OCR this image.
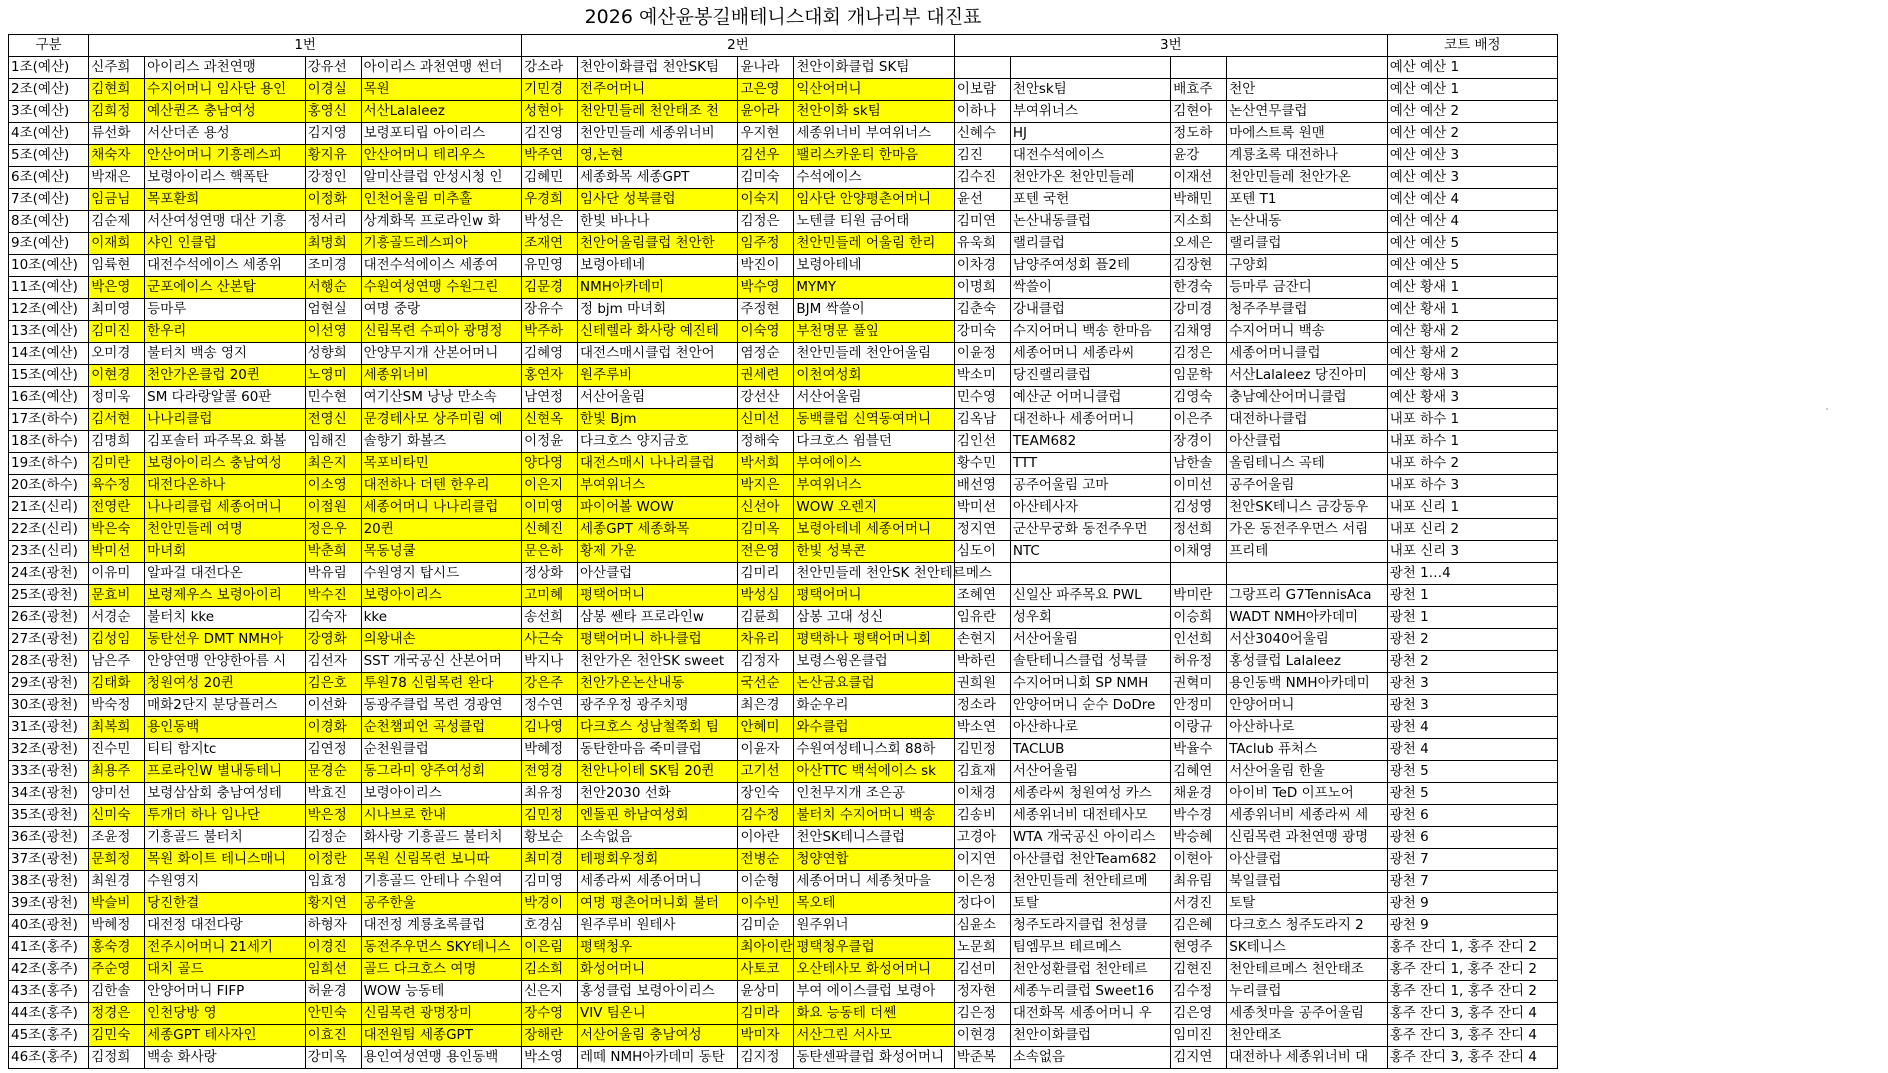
2026 예산윤봉길배테니스대회 개나리부 대진표
구분	1번				2번				3번				코트 배정
1조(예산)	신주희	아이리스 과천연맹	강유선	아이리스 과천연맹 썬더	강소라	천안이화클럽 천안SK팀	윤나라	천안이화클럽 SK팀					예산 예산 1
2조(예산)	김현희	수지어머니 임사단 용인	이경실	목원	기민경	전주어머니	고은영	익산어머니	이보람	천안sk팀	배효주	천안	예산 예산 1
3조(예산)	김희정	예산퀸즈 충남여성	홍영신	서산Lalaleez	성현아	천안민들레 천안태조 천	윤아라	천안이화 sk팀	이하나	부여위너스	김현아	논산연무클럽	예산 예산 2
4조(예산)	류선화	서산더존 용성	김지영	보령포티립 아이리스	김진영	천안민들레 세종위너비	우지현	세종위너비 부여위너스	신혜수	HJ	정도하	마에스트록 원맨	예산 예산 2
5조(예산)	채숙자	안산어머니 기흥레스피	황지유	안산어머니 테리우스	박주연	영,논현	김선우	팰리스카운티 한마음	김진	대전수석에이스	윤강	계룡초록 대전하나	예산 예산 3
6조(예산)	박재은	보령아이리스 핵폭탄	강정인	알미산클럽 안성시청 인	김혜민	세종화목 세종GPT	김미숙	수석에이스	김수진	천안가온 천안민들레	이재선	천안민들레 천안가온	예산 예산 3
7조(예산)	임금님	목포환희	이정화	인천어울림 미추홀	우경희	임사단 성북클럽	이숙지	임사단 안양평촌어머니	윤선	포텐 국헌	박해민	포텐 T1	예산 예산 4
8조(예산)	김순제	서산여성연맹 대산 기흥	정서리	상계화목 프로라인w 화	박성은	한빛 바나나	김정은	노텐클 티원 금어태	김미연	논산내동클럽	지소희	논산내동	예산 예산 4
9조(예산)	이재희	샤인 인클럽	최명희	기흥골드레스피아	조재연	천안어울림클럽 천안한	임주정	천안민들레 어울림 한리	유욱희	랠리클럽	오세은	랠리클럽	예산 예산 5
10조(예산)	임륙현	대전수석에이스 세종위	조미경	대전수석에이스 세종여	유민영	보령아테네	박진이	보령아테네	이차경	남양주여성회 플2테	김장현	구양회	예산 예산 5
11조(예산)	박은영	군포에이스 산본탑	서행순	수원여성연맹 수원그린	김문경	NMH아카데미	박수영	MYMY	이명희	싹쓸이	한경숙	등마루 금잔디	예산 황새 1
12조(예산)	최미영	등마루	엄현실	여명 중랑	장유수	정 bjm 마녀회	주정현	BJM 싹쓸이	김춘숙	강내클럽	강미경	청주주부클럽	예산 황새 1
13조(예산)	김미진	한우리	이선영	신림목련 수피아 광명정	박주하	신테렐라 화사랑 예진테	이숙영	부천명문 풀잎	강미숙	수지어머니 백송 한마음	김채영	수지어머니 백송	예산 황새 2
14조(예산)	오미경	불터치 백송 영지	성향희	안양무지개 산본어머니	김혜영	대전스매시클럽 천안어	염정순	천안민들레 천안어울림	이윤정	세종어머니 세종라씨	김정은	세종어머니클럽	예산 황새 2
15조(예산)	이현경	천안가온클럽 20퀸	노영미	세종위너비	홍연자	원주루비	권세련	이천여성회	박소미	당진랠리클럽	임문학	서산Lalaleez 당진아미	예산 황새 3
16조(예산)	정미욱	SM 다라랑알콜 60판	민수현	여기산SM 낭낭 만소속	남연정	서산어울림	강선산	서산어울림	민수영	예산군 어머니클럽	김영숙	충남예산어머니클럽	예산 황새 3
17조(하수)	김서현	나나리클럽	전영신	문경테사모 상주미림 예	신현옥	한빛 Bjm	신미선	동백클럽 신역동여머니	김옥남	대전하나 세종어머니	이은주	대전하나클럽	내포 하수 1
18조(하수)	김명희	김포솔터 파주목요 화볼	임해진	솔향기 화볼즈	이정윤	다크호스 양지금호	정해숙	다크호스 윔블던	김인선	TEAM682	장경이	아산클럽	내포 하수 1
19조(하수)	김미란	보령아이리스 충남여성	최은지	목포비타민	양다영	대전스매시 나나리클럽	박서희	부여에이스	황수민	TTT	남한솔	올림테니스 곡테	내포 하수 2
20조(하수)	육수정	대전다온하나	이소영	대전하나 더텐 한우리	이은지	부여위너스	박지은	부여위너스	배선영	공주어울림 고마	이미선	공주어울림	내포 하수 3
21조(신리)	전영란	나나리클럽 세종어머니	이점원	세종어머니 나나리클럽	이미영	파이어볼 WOW	신선아	WOW 오렌지	박미선	아산테사자	김성영	천안SK테니스 금강동우	내포 신리 1
22조(신리)	박은숙	천안민들레 여명	정은우	20퀸	신혜진	세종GPT 세종화목	김미옥	보령아테네 세종어머니	정지연	군산무궁화 동전주우먼	정선희	가온 동전주우먼스 서림	내포 신리 2
23조(신리)	박미선	마녀회	박춘희	목동넝쿨	문은하	황제 가운	전은영	한빛 성북콘	심도이	NTC	이채영	프리테	내포 신리 3
24조(광천)	이유미	알파걸 대전다온	박유림	수원영지 탑시드	정상화	아산클럽	김미리	천안민들레 천안SK 천안테르메스					광천 1…4
25조(광천)	문효비	보령제우스 보령아이리	박수진	보령아이리스	고미혜	평택어머니	박성심	평택어머니	조혜연	신일산 파주목요 PWL	박미란	그랑프리 G7TennisAca	광천 1
26조(광천)	서경순	불터치 kke	김숙자	kke	송선희	삼봉 쎈타 프로라인w	김륜희	삼봉 고대 성신	임유란	성우회	이승희	WADT NMH아카데미	광천 1
27조(광천)	김성임	동탄선우 DMT NMH아	강영화	의왕내손	사근숙	평택어머니 하나클럽	차유리	평택하나 평택어머니회	손현지	서산어울림	인선희	서산3040어울림	광천 2
28조(광천)	남은주	안양연맹 안양한아름 시	김선자	SST 개국공신 산본어머	박지나	천안가온 천안SK sweet	김정자	보령스윙온클럽	박하린	솔탄테니스클럽 성북클	허유정	홍성클럽 Lalaleez	광천 2
29조(광천)	김태화	청원여성 20퀸	김은호	투원78 신림목련 완다	강은주	천안가온논산내동	국선순	논산금요클럽	권희원	수지어머니회 SP NMH	권혁미	용인동백 NMH아카데미	광천 3
30조(광천)	박숙정	매화2단지 분당플러스	이선화	동광주클럽 목련 경광연	정수연	광주우정 광주치평	최은경	화순우리	정소라	안양어머니 순수 DoDre	안정미	안양어머니	광천 3
31조(광천)	최복희	용인동백	이경화	순천챔피언 곡성클럽	김나영	다크호스 성남철쭉회 팀	안혜미	와수클럽	박소연	아산하나로	이랑규	아산하나로	광천 4
32조(광천)	진수민	티티 함지tc	김연정	순천원클럽	박혜정	동탄한마음 죽미클럽	이윤자	수원여성테니스회 88하	김민정	TACLUB	박율수	TAclub 퓨처스	광천 4
33조(광천)	최용주	프로라인W 별내동테니	문경순	동그라미 양주여성회	전영경	천안나이테 SK팀 20퀸	고기선	아산TTC 백석에이스 sk	김효재	서산어울림	김혜연	서산어울림 한울	광천 5
34조(광천)	양미선	보령삼삼회 충남여성테	박효진	보령아이리스	최유정	천안2030 선화	장인숙	인천무지개 조은공	이채경	세종라씨 청원여성 카스	채윤경	아이비 TeD 이프노어	광천 5
35조(광천)	신미숙	투개더 하나 임나단	박은정	시나브로 한내	김민정	엔돌핀 하남여성회	김수정	불터치 수지어머니 백송	김송비	세종위너비 대전테사모	박수경	세종위너비 세종라씨 세	광천 6
36조(광천)	조윤정	기흥골드 불터치	김정순	화사랑 기흥골드 불터치	황보순	소속없음	이아란	천안SK테니스클럽	고경아	WTA 개국공신 아이리스	박승혜	신림목련 과천연맹 광명	광천 6
37조(광천)	문희정	목원 화이트 테니스매니	이정란	목원 신림목련 보니따	최미경	테평회우정회	전병순	청양연합	이지연	아산클럽 천안Team682	이현아	아산클럽	광천 7
38조(광천)	최원경	수원영지	임효정	기흥골드 안테나 수원여	김미영	세종라씨 세종어머니	이순형	세종어머니 세종첫마을	이은정	천안민들레 천안테르메	최유림	북일클럽	광천 7
39조(광천)	박슬비	당진한결	황지연	공주한울	박경이	여명 평촌어머니회 불터	이수빈	목오테	정다이	토탈	서경진	토탈	광천 9
40조(광천)	박혜정	대전정 대전다랑	하형자	대전정 계룡초록클럽	호경심	원주루비 원테사	김미순	원주위너	심윤소	청주도라지클럽 천성클	김은혜	다크호스 청주도라지 2	광천 9
41조(홍주)	홍숙경	전주시어머니 21세기	이경진	동전주우먼스 SKY테니스	이은림	평택청우	최아이란	평택청우클럽	노문희	팀엠무브 테르메스	현영주	SK테니스	홍주 잔디 1, 홍주 잔디 2
42조(홍주)	주순영	대치 골드	임희선	골드 다크호스 여명	김소희	화성어머니	사토코	오산테사모 화성어머니	김선미	천안성환클럽 천안테르	김현진	천안테르메스 천안태조	홍주 잔디 1, 홍주 잔디 2
43조(홍주)	김한솔	안양어머니 FIFP	허윤경	WOW 능동테	신은지	홍성클럽 보령아이리스	윤상미	부여 에이스클럽 보령아	정자현	세종누리클럽 Sweet16	김수정	누리클럽	홍주 잔디 1, 홍주 잔디 2
44조(홍주)	정경은	인천당방 영	안민숙	신림목련 광명장미	장수영	VIV 팀온니	김미라	화요 능동테 더쎈	김은정	대전화목 세종어머니 우	김은영	세종첫마을 공주어울림	홍주 잔디 3, 홍주 잔디 4
45조(홍주)	김민숙	세종GPT 테사자인	이효진	대전원팀 세종GPT	장해란	서산어울림 충남여성	박미자	서산그린 서사모	이현경	천안이화클럽	임미진	천안태조	홍주 잔디 3, 홍주 잔디 4
46조(홍주)	김정희	백송 화사랑	강미옥	용인여성연맹 용인동백	박소영	레떼 NMH아카데미 동탄	김지정	동탄센팍클럽 화성어머니	박준복	소속없음	김지연	대전하나 세종위너비 대	홍주 잔디 3, 홍주 잔디 4
